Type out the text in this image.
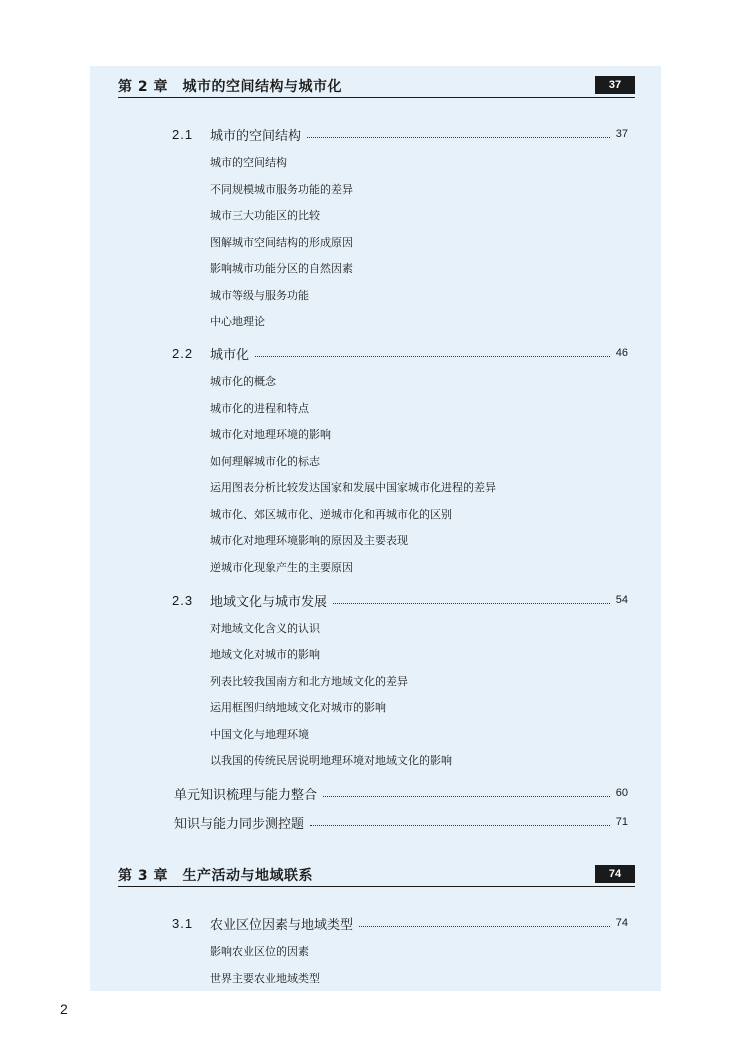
第 2 章　城市的空间结构与城市化	37
2.1	城市的空间结构	37
城市的空间结构
不同规模城市服务功能的差异
城市三大功能区的比较
图解城市空间结构的形成原因
影响城市功能分区的自然因素
城市等级与服务功能
中心地理论
2.2	城市化	46
城市化的概念
城市化的进程和特点
城市化对地理环境的影响
如何理解城市化的标志
运用图表分析比较发达国家和发展中国家城市化进程的差异
城市化、郊区城市化、逆城市化和再城市化的区别
城市化对地理环境影响的原因及主要表现
逆城市化现象产生的主要原因
2.3	地域文化与城市发展	54
对地域文化含义的认识
地域文化对城市的影响
列表比较我国南方和北方地域文化的差异
运用框图归纳地域文化对城市的影响
中国文化与地理环境
以我国的传统民居说明地理环境对地域文化的影响
单元知识梳理与能力整合	60
知识与能力同步测控题	71
第 3 章　生产活动与地域联系	74
3.1	农业区位因素与地域类型	74
影响农业区位的因素
世界主要农业地域类型
2
